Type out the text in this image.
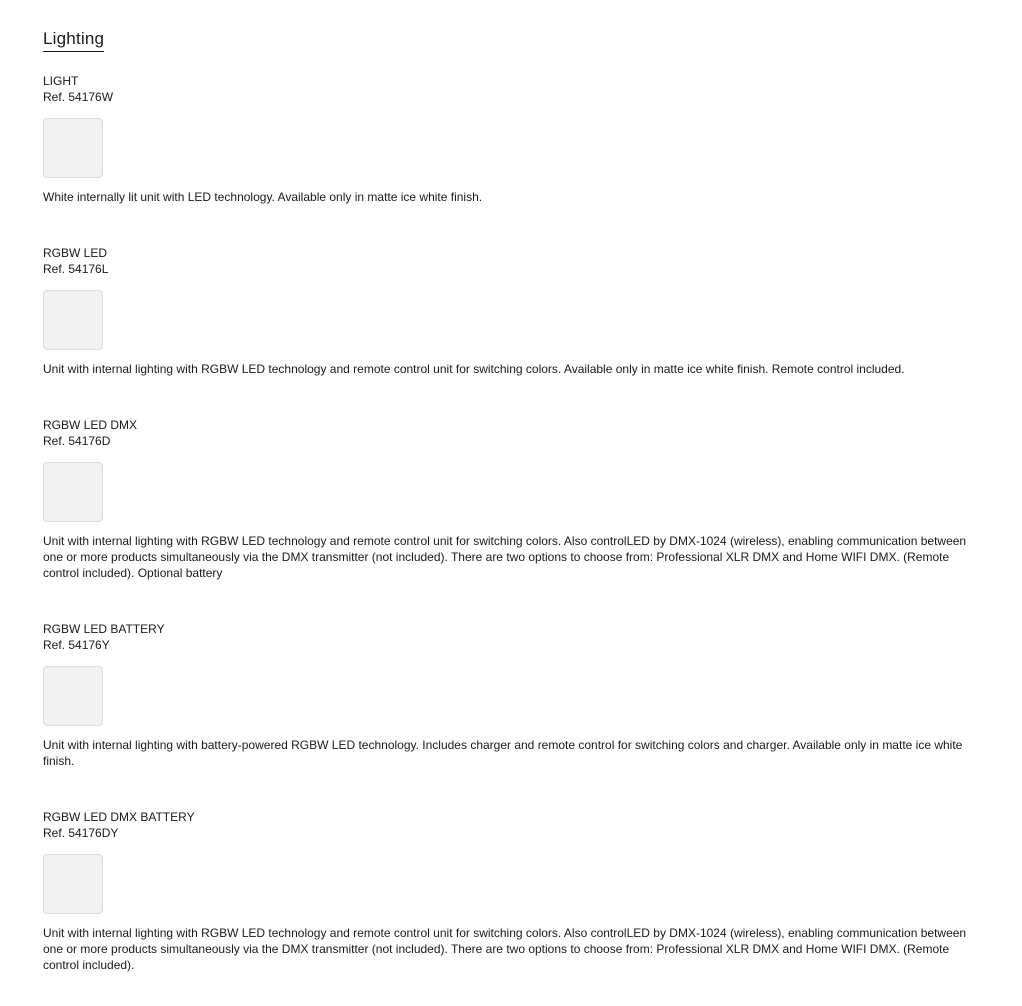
Lighting

LIGHT

Ref. 54176W

White internally lit unit with LED technology. Available only in matte ice white finish.

RGBW LED

Ref. 54176L

Unit with internal lighting with RGBW LED technology and remote control unit for switching colors. Available only in matte ice white finish. Remote control included.

RGBW LED DMX

Ref. 54176D

Unit with internal lighting with RGBW LED technology and remote control unit for switching colors. Also controlLED by DMX-1024 (wireless), enabling communication between one or more products simultaneously via the DMX transmitter (not included). There are two options to choose from: Professional XLR DMX and Home WIFI DMX. (Remote control included). Optional battery

RGBW LED BATTERY

Ref. 54176Y

Unit with internal lighting with battery-powered RGBW LED technology. Includes charger and remote control for switching colors and charger. Available only in matte ice white finish.

RGBW LED DMX BATTERY

Ref. 54176DY

Unit with internal lighting with RGBW LED technology and remote control unit for switching colors. Also controlLED by DMX-1024 (wireless), enabling communication between one or more products simultaneously via the DMX transmitter (not included). There are two options to choose from: Professional XLR DMX and Home WIFI DMX. (Remote control included).
